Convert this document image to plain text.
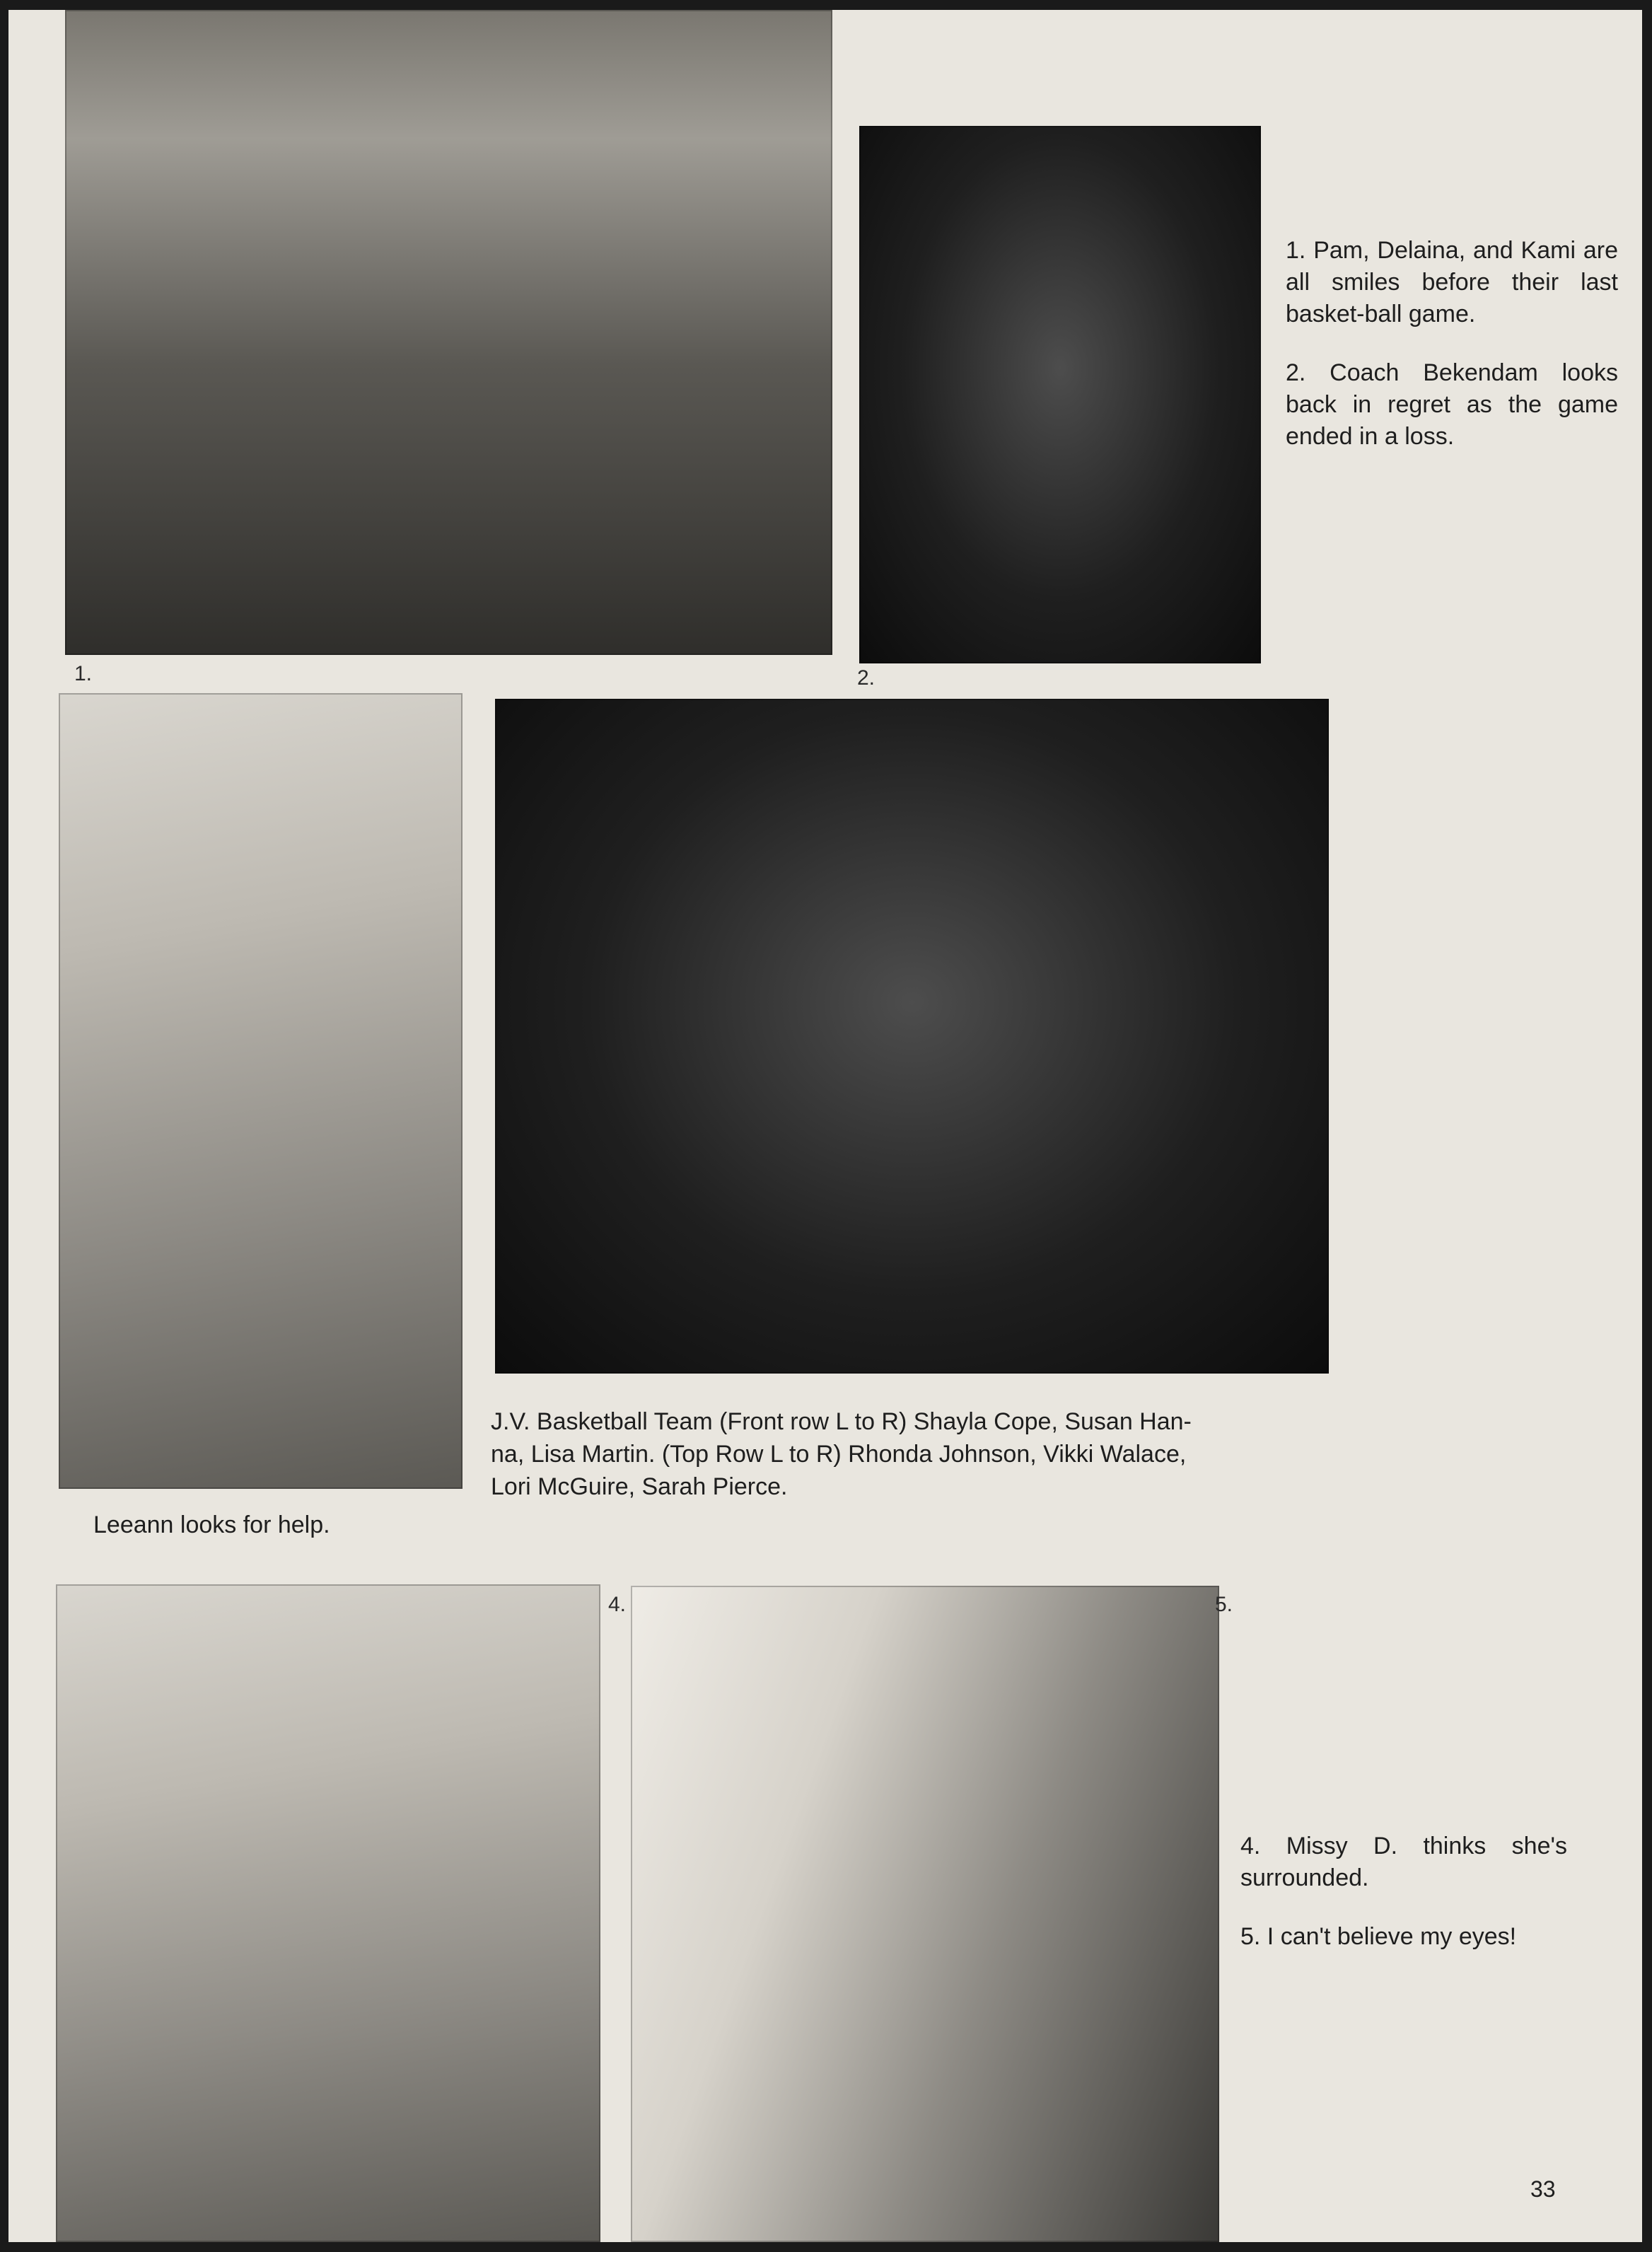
1.	2.

1. Pam, Delaina, and Kami are all smiles before their last basket-ball game.

2. Coach Bekendam looks back in regret as the game ended in a loss.

Leeann looks for help.
J.V. Basketball Team (Front row L to R) Shayla Cope, Susan Han-
na, Lisa Martin. (Top Row L to R) Rhonda Johnson, Vikki Walace,
Lori McGuire, Sarah Pierce.
4.	5.

4. Missy D. thinks she's surrounded.

5. I can't believe my eyes!

33
